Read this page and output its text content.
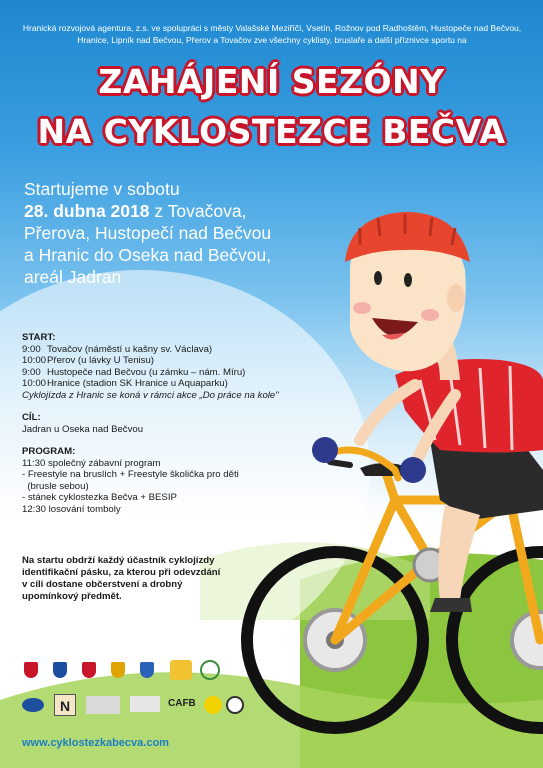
Hranická rozvojová agentura, z.s. ve spolupráci s městy Valašské Meziříčí, Vsetín, Rožnov pod Radhoštěm, Hustopeče nad Bečvou, Hranice, Lipník nad Bečvou, Přerov a Tovačov zve všechny cyklisty, bruslaře a další příznivce sportu na
ZAHÁJENÍ SEZÓNY
NA CYKLOSTEZCE BEČVA
Startujeme v sobotu
28. dubna 2018 z Tovačova,
Přerova, Hustopečí nad Bečvou
a Hranic do Oseka nad Bečvou,
areál Jadran
START:
9:00 Tovačov (náměstí u kašny sv. Václava)
10:00Přerov (u lávky U Tenisu)
9:00 Hustopeče nad Bečvou (u zámku – nám. Míru)
10:00Hranice (stadion SK Hranice u Aquaparku)
Cyklojízda z Hranic se koná v rámci akce „Do práce na kole"
CÍL:
Jadran u Oseka nad Bečvou
PROGRAM:
11:30 společný zábavní program
- Freestyle na bruslích + Freestyle školička pro děti
(brusle sebou)
- stánek cyklostezka Bečva + BESIP
12:30 losování tomboly
Na startu obdrží každý účastník cyklojízdy
identifikační pásku, za kterou při odevzdání
v cíli dostane občerstvení a drobný
upomínkový předmět.
N	CAFB
www.cyklostezkabecva.com
